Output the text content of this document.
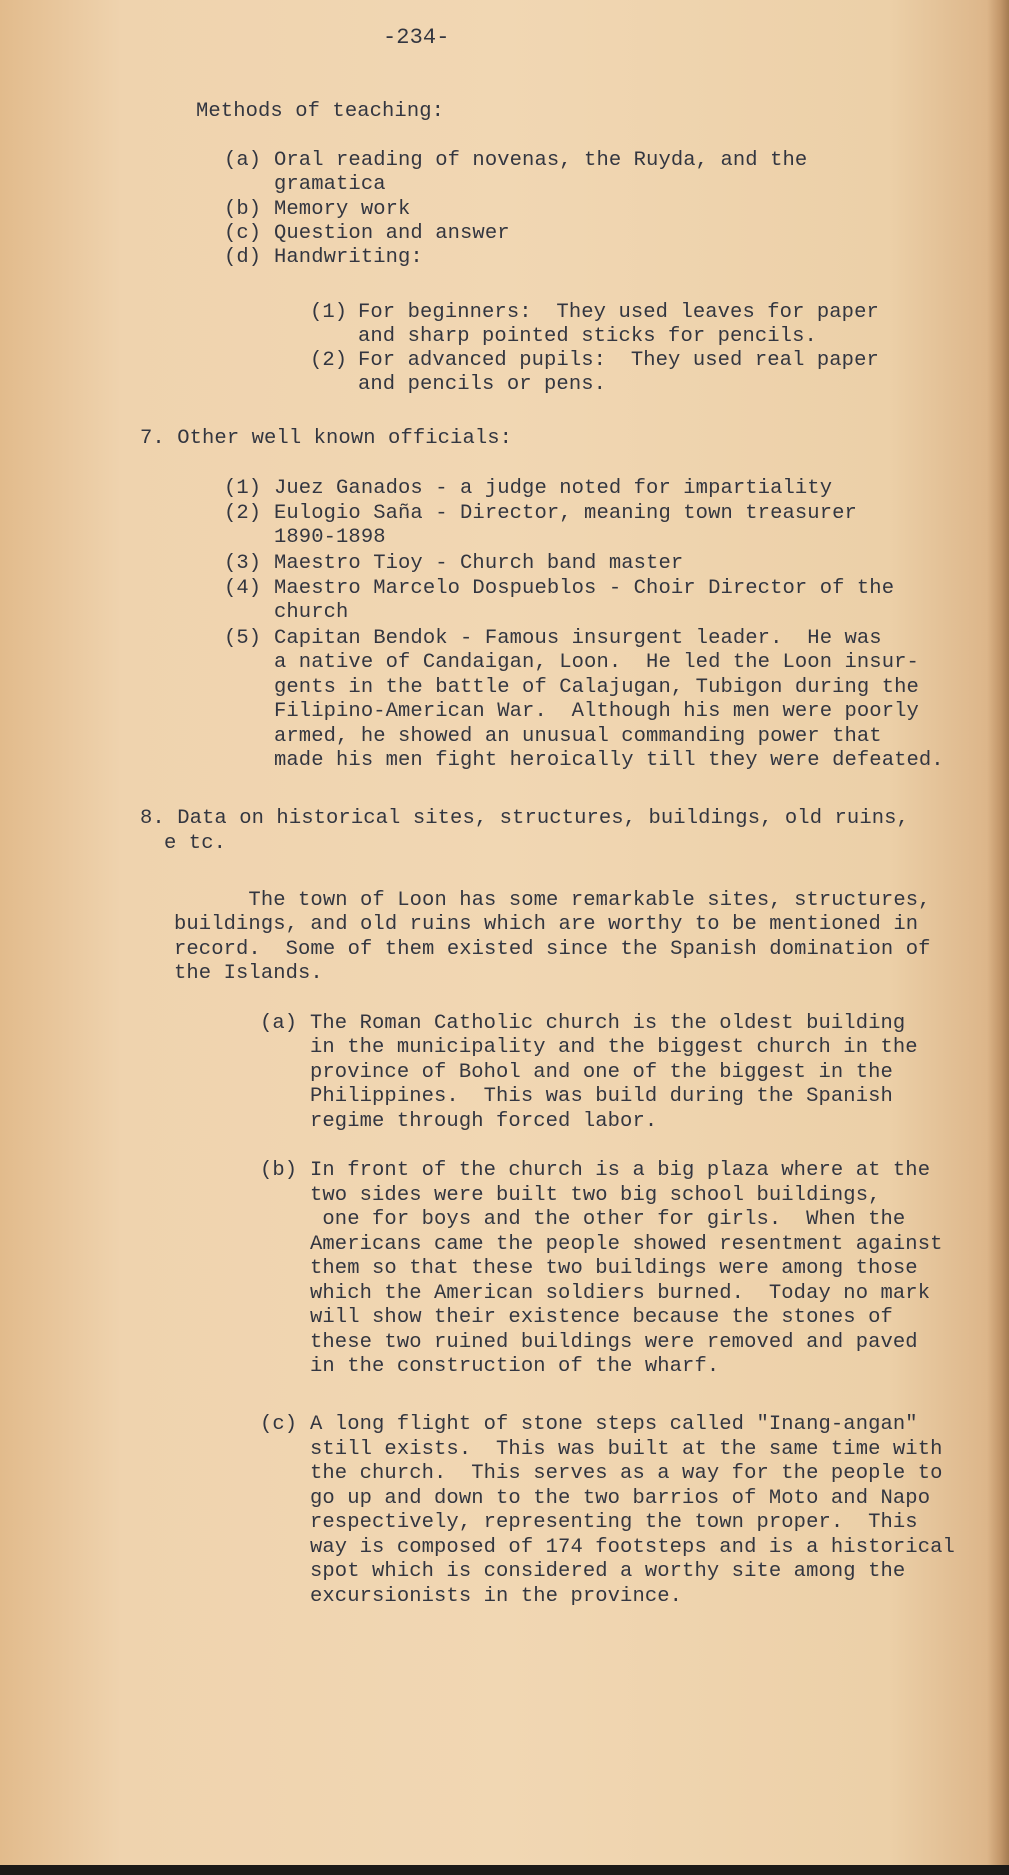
-234-
Methods of teaching:
(a) Oral reading of novenas, the Ruyda, and the
gramatica
(b) Memory work
(c) Question and answer
(d) Handwriting:
(1) For beginners:  They used leaves for paper
and sharp pointed sticks for pencils.
(2) For advanced pupils:  They used real paper
and pencils or pens.
7. Other well known officials:
(1) Juez Ganados - a judge noted for impartiality
(2) Eulogio Saña - Director, meaning town treasurer
1890-1898
(3) Maestro Tioy - Church band master
(4) Maestro Marcelo Dospueblos - Choir Director of the
church
(5) Capitan Bendok - Famous insurgent leader.  He was
a native of Candaigan, Loon.  He led the Loon insur-
gents in the battle of Calajugan, Tubigon during the
Filipino-American War.  Although his men were poorly
armed, he showed an unusual commanding power that
made his men fight heroically till they were defeated.
8. Data on historical sites, structures, buildings, old ruins,
e tc.
The town of Loon has some remarkable sites, structures,
buildings, and old ruins which are worthy to be mentioned in
record.  Some of them existed since the Spanish domination of
the Islands.
(a) The Roman Catholic church is the oldest building
in the municipality and the biggest church in the
province of Bohol and one of the biggest in the
Philippines.  This was build during the Spanish
regime through forced labor.
(b) In front of the church is a big plaza where at the
two sides were built two big school buildings,
one for boys and the other for girls.  When the
Americans came the people showed resentment against
them so that these two buildings were among those
which the American soldiers burned.  Today no mark
will show their existence because the stones of
these two ruined buildings were removed and paved
in the construction of the wharf.
(c) A long flight of stone steps called "Inang-angan"
still exists.  This was built at the same time with
the church.  This serves as a way for the people to
go up and down to the two barrios of Moto and Napo
respectively, representing the town proper.  This
way is composed of 174 footsteps and is a historical
spot which is considered a worthy site among the
excursionists in the province.
